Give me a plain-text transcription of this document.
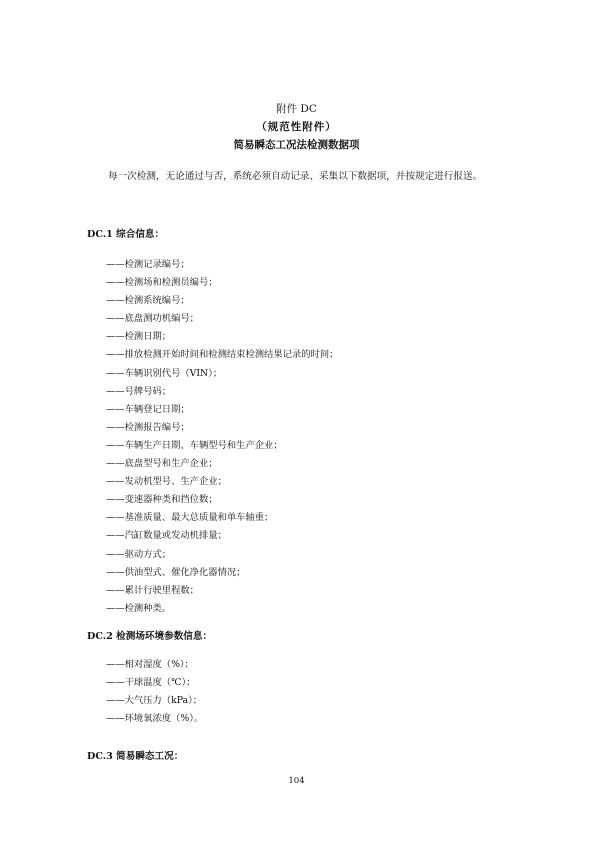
附件 DC
（规范性附件）
简易瞬态工况法检测数据项
每一次检测，无论通过与否，系统必须自动记录、采集以下数据项，并按规定进行报送。
DC.1 综合信息：
——检测记录编号；
——检测场和检测员编号；
——检测系统编号；
——底盘测功机编号；
——检测日期；
——排放检测开始时间和检测结束检测结果记录的时间；
——车辆识别代号（VIN）；
——号牌号码；
——车辆登记日期；
——检测报告编号；
——车辆生产日期、车辆型号和生产企业；
——底盘型号和生产企业；
——发动机型号、生产企业；
——变速器种类和挡位数；
——基准质量、最大总质量和单车轴重；
——汽缸数量或发动机排量；
——驱动方式；
——供油型式、催化净化器情况；
——累计行驶里程数；
——检测种类。
DC.2 检测场环境参数信息：
——相对湿度（%）；
——干球温度（℃）；
——大气压力（kPa）；
——环境氧浓度（%）。
DC.3 简易瞬态工况：
104
